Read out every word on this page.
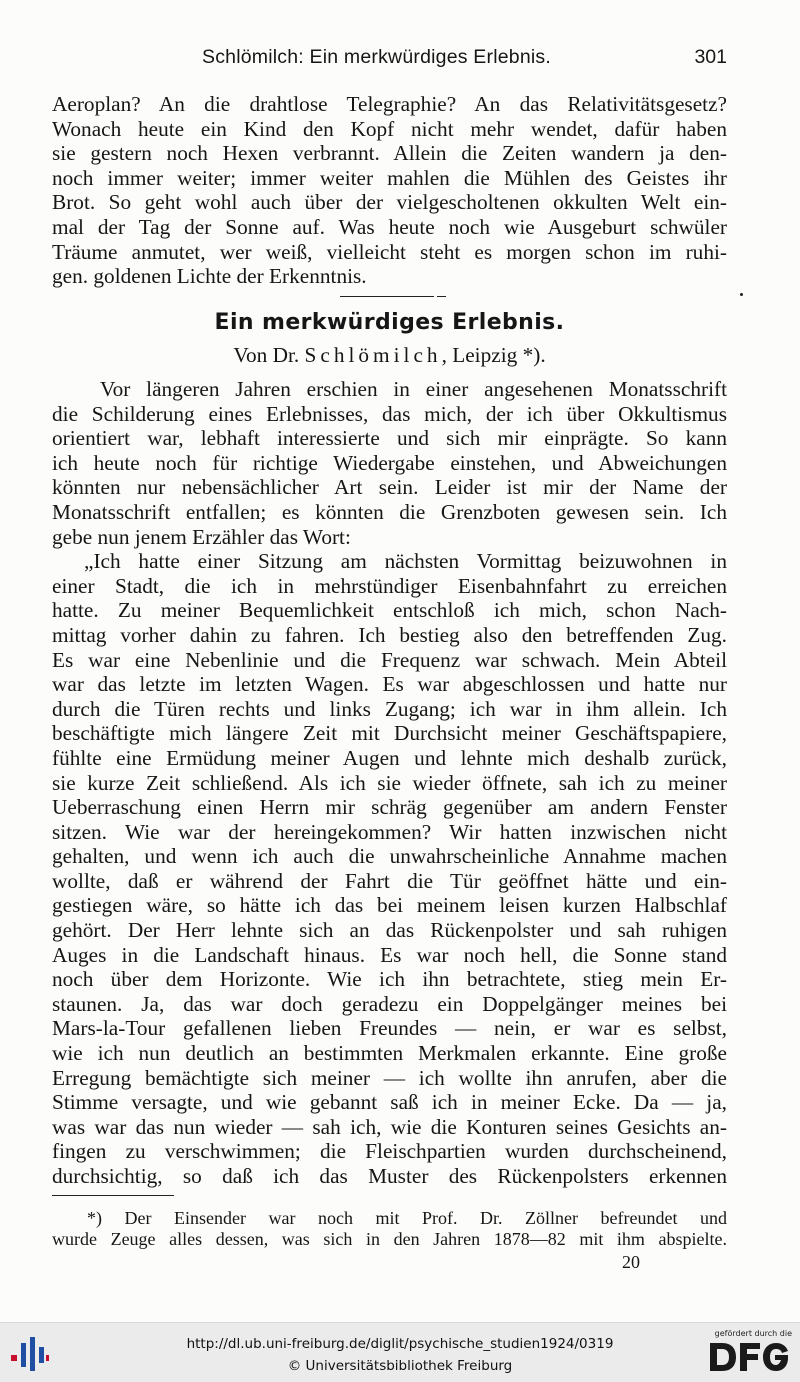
Schlömilch: Ein merkwürdiges Erlebnis.	301
Aeroplan? An die drahtlose Telegraphie? An das Relativitätsgesetz?
Wonach heute ein Kind den Kopf nicht mehr wendet, dafür haben
sie gestern noch Hexen verbrannt. Allein die Zeiten wandern ja den-
noch immer weiter; immer weiter mahlen die Mühlen des Geistes ihr
Brot. So geht wohl auch über der vielgescholtenen okkulten Welt ein-
mal der Tag der Sonne auf. Was heute noch wie Ausgeburt schwüler
Träume anmutet, wer weiß, vielleicht steht es morgen schon im ruhi-
gen. goldenen Lichte der Erkenntnis.
Ein merkwürdiges Erlebnis.
Von Dr. Schlömilch, Leipzig *).
Vor längeren Jahren erschien in einer angesehenen Monatsschrift
die Schilderung eines Erlebnisses, das mich, der ich über Okkultismus
orientiert war, lebhaft interessierte und sich mir einprägte. So kann
ich heute noch für richtige Wiedergabe einstehen, und Abweichungen
könnten nur nebensächlicher Art sein. Leider ist mir der Name der
Monatsschrift entfallen; es könnten die Grenzboten gewesen sein. Ich
gebe nun jenem Erzähler das Wort:
„Ich hatte einer Sitzung am nächsten Vormittag beizuwohnen in
einer Stadt, die ich in mehrstündiger Eisenbahnfahrt zu erreichen
hatte. Zu meiner Bequemlichkeit entschloß ich mich, schon Nach-
mittag vorher dahin zu fahren. Ich bestieg also den betreffenden Zug.
Es war eine Nebenlinie und die Frequenz war schwach. Mein Abteil
war das letzte im letzten Wagen. Es war abgeschlossen und hatte nur
durch die Türen rechts und links Zugang; ich war in ihm allein. Ich
beschäftigte mich längere Zeit mit Durchsicht meiner Geschäftspapiere,
fühlte eine Ermüdung meiner Augen und lehnte mich deshalb zurück,
sie kurze Zeit schließend. Als ich sie wieder öffnete, sah ich zu meiner
Ueberraschung einen Herrn mir schräg gegenüber am andern Fenster
sitzen. Wie war der hereingekommen? Wir hatten inzwischen nicht
gehalten, und wenn ich auch die unwahrscheinliche Annahme machen
wollte, daß er während der Fahrt die Tür geöffnet hätte und ein-
gestiegen wäre, so hätte ich das bei meinem leisen kurzen Halbschlaf
gehört. Der Herr lehnte sich an das Rückenpolster und sah ruhigen
Auges in die Landschaft hinaus. Es war noch hell, die Sonne stand
noch über dem Horizonte. Wie ich ihn betrachtete, stieg mein Er-
staunen. Ja, das war doch geradezu ein Doppelgänger meines bei
Mars-la-Tour gefallenen lieben Freundes — nein, er war es selbst,
wie ich nun deutlich an bestimmten Merkmalen erkannte. Eine große
Erregung bemächtigte sich meiner — ich wollte ihn anrufen, aber die
Stimme versagte, und wie gebannt saß ich in meiner Ecke. Da — ja,
was war das nun wieder — sah ich, wie die Konturen seines Gesichts an-
fingen zu verschwimmen; die Fleischpartien wurden durchscheinend,
durchsichtig, so daß ich das Muster des Rückenpolsters erkennen
*) Der Einsender war noch mit Prof. Dr. Zöllner befreundet und
wurde Zeuge alles dessen, was sich in den Jahren 1878—82 mit ihm abspielte.
20
http://dl.ub.uni-freiburg.de/diglit/psychische_studien1924/0319
© Universitätsbibliothek Freiburg
gefördert durch die
